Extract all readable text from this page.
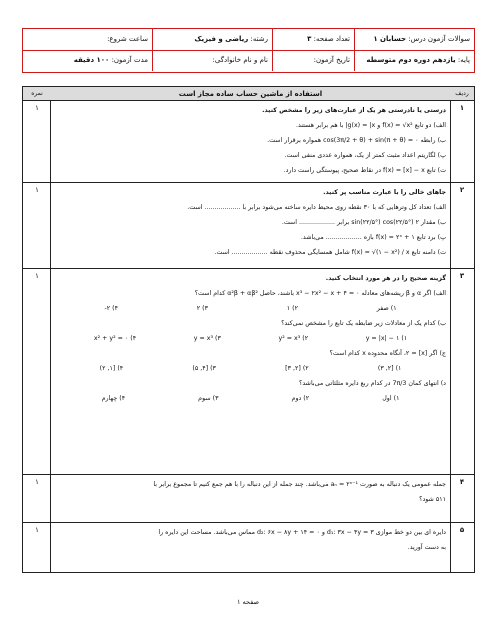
سوالات آزمون درس: حسابان ۱
تعداد صفحه: ۳
رشته: ریاضی و فیزیک
ساعت شروع:
پایه: یازدهم دوره دوم متوسطه
تاریخ آزمون:
نام و نام خانوادگی:
مدت آزمون: ۱۰۰ دقیقه
ردیف
استفاده از ماشین حساب ساده مجاز است
نمره
۱
درستی یا نادرستی هر یک از عبارت‌های زیر را مشخص کنید.
الف) دو تابع f(x) = √x² و g(x) = |x| با هم برابر هستند.
ب) رابطه cos(3π/2 + θ) + sin(π + θ) = ۰ همواره برقرار است.
پ) لگاریتم اعداد مثبت کمتر از یک، همواره عددی منفی است.
ت) تابع f(x) = [x] − x در نقاط صحیح، پیوستگی راست دارد.
۱
۲
جاهای خالی را با عبارت مناسب پر کنید.
الف) تعداد کل وترهایی که با ۳۰ نقطه روی محیط دایره ساخته می‌شود برابر با .................. است.
ب) مقدار ۲ sin(۲۲/۵°) cos(۲۲/۵°) برابر .................. است.
پ) برد تابع f(x) = ۲ˣ + ۱ بازه .................. می‌باشد.
ت) دامنه تابع f(x) = √(۱ − x²) / x شامل همسایگی محذوف نقطه .................. است.
۱
۳
گزینه صحیح را در هر مورد انتخاب کنید.
الف) اگر α و β ریشه‌های معادله x³ − ۲x² − x + ۴ = ۰ باشند، حاصل α²β + αβ² کدام است؟
۱) صفر
۲) ۱
۳) ۲
۴) ۲-
ب) کدام یک از معادلات زیر ضابطه یک تابع را مشخص نمی‌کند؟
۱) y = |x| − ۱
۲) y² = x³
۳) y = x³
۴) x² + y² = ۰
ج) اگر [x] = ۲، آنگاه محدوده x کدام است؟
۱) [۲, ۳)
۲) [۲, ۳]
۳) [۴, ۵)
۴) [۱, ۲)
د) انتهای کمان 7π/3 در کدام ربع دایره مثلثاتی می‌باشد؟
۱) اول
۲) دوم
۳) سوم
۴) چهارم
۱
۴
جمله عمومی یک دنباله به صورت aₙ = ۲ⁿ⁻¹ می‌باشد. چند جمله از این دنباله را با هم جمع کنیم تا مجموع برابر با
۵۱۱ شود؟
۱
۵
دایره ای بین دو خط موازی d₁: ۳x − ۴y = ۳ و d₂: ۶x − ۸y + ۱۴ = ۰ مماس می‌باشد. مساحت این دایره را
به دست آورید.
۱
صفحه ۱
